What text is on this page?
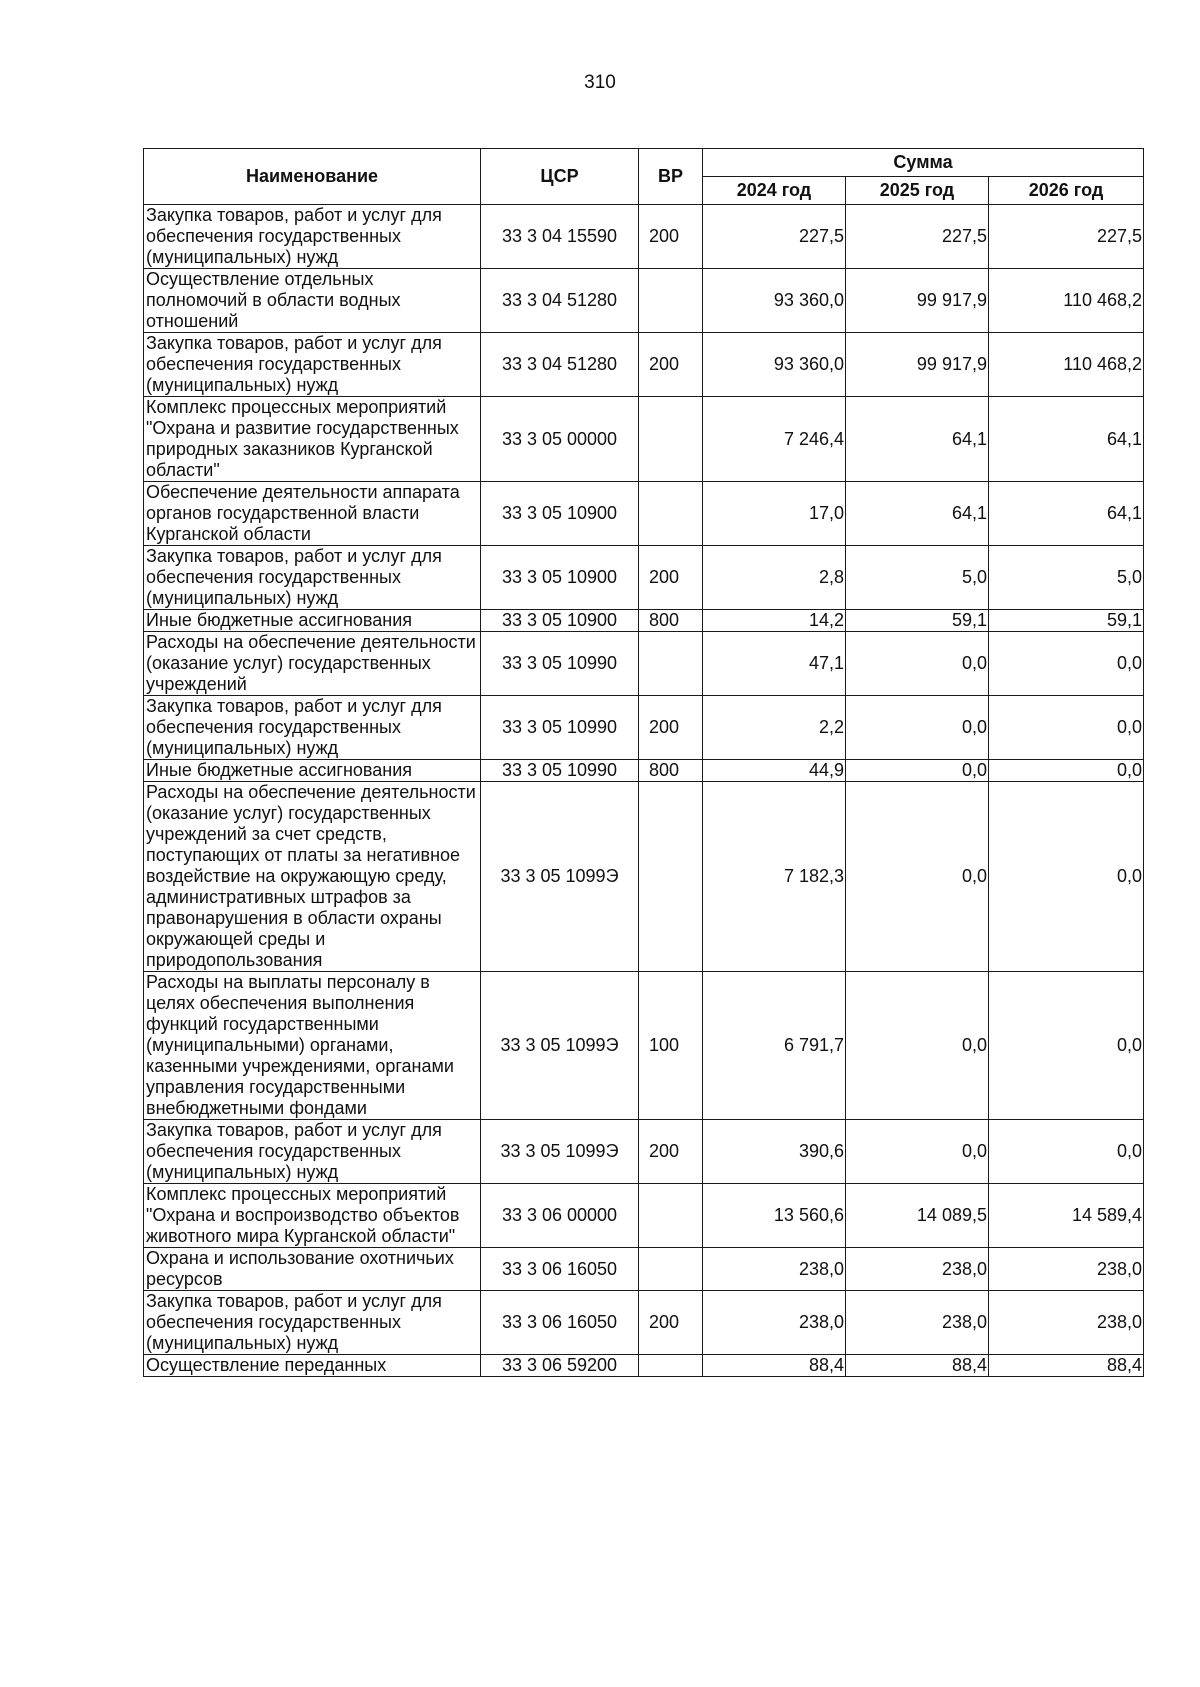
310
Наименование	ЦСР	ВР	Сумма		
			2024 год	2025 год	2026 год
Закупка товаров, работ и услуг для обеспечения государственных (муниципальных) нужд	33 3 04 15590	200	227,5	227,5	227,5
Осуществление отдельных полномочий в области водных отношений	33 3 04 51280		93 360,0	99 917,9	110 468,2
Закупка товаров, работ и услуг для обеспечения государственных (муниципальных) нужд	33 3 04 51280	200	93 360,0	99 917,9	110 468,2
Комплекс процессных мероприятий "Охрана и развитие государственных природных заказников Курганской области"	33 3 05 00000		7 246,4	64,1	64,1
Обеспечение деятельности аппарата органов государственной власти Курганской области	33 3 05 10900		17,0	64,1	64,1
Закупка товаров, работ и услуг для обеспечения государственных (муниципальных) нужд	33 3 05 10900	200	2,8	5,0	5,0
Иные бюджетные ассигнования	33 3 05 10900	800	14,2	59,1	59,1
Расходы на обеспечение деятельности (оказание услуг) государственных учреждений	33 3 05 10990		47,1	0,0	0,0
Закупка товаров, работ и услуг для обеспечения государственных (муниципальных) нужд	33 3 05 10990	200	2,2	0,0	0,0
Иные бюджетные ассигнования	33 3 05 10990	800	44,9	0,0	0,0
Расходы на обеспечение деятельности (оказание услуг) государственных учреждений за счет средств, поступающих от платы за негативное воздействие на окружающую среду, административных штрафов за правонарушения в области охраны окружающей среды и природопользования	33 3 05 1099Э		7 182,3	0,0	0,0
Расходы на выплаты персоналу в целях обеспечения выполнения функций государственными (муниципальными) органами, казенными учреждениями, органами управления государственными внебюджетными фондами	33 3 05 1099Э	100	6 791,7	0,0	0,0
Закупка товаров, работ и услуг для обеспечения государственных (муниципальных) нужд	33 3 05 1099Э	200	390,6	0,0	0,0
Комплекс процессных мероприятий "Охрана и воспроизводство объектов животного мира Курганской области"	33 3 06 00000		13 560,6	14 089,5	14 589,4
Охрана и использование охотничьих ресурсов	33 3 06 16050		238,0	238,0	238,0
Закупка товаров, работ и услуг для обеспечения государственных (муниципальных) нужд	33 3 06 16050	200	238,0	238,0	238,0
Осуществление переданных	33 3 06 59200		88,4	88,4	88,4
